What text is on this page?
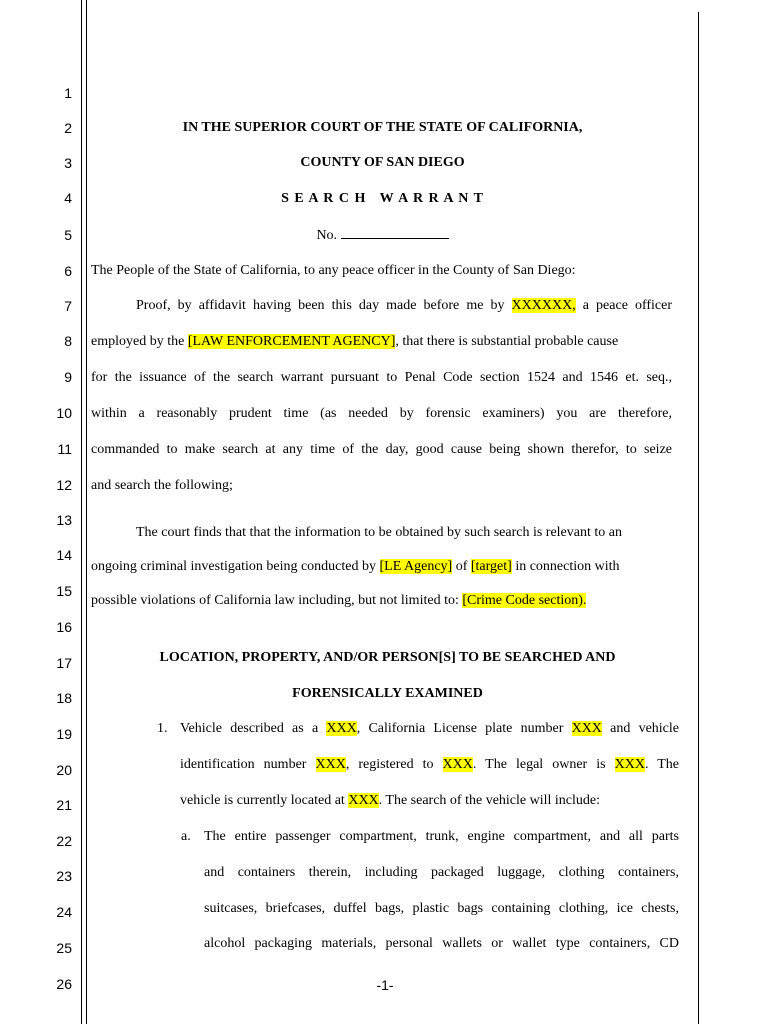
1
2
3
4
5
6
7
8
9
10
11
12
13
14
15
16
17
18
19
20
21
22
23
24
25
26
IN THE SUPERIOR COURT OF THE STATE OF CALIFORNIA,
COUNTY OF SAN DIEGO
S E A R C H   W A R R A N T
No.
The People of the State of California, to any peace officer in the County of San Diego:
Proof, by affidavit having been this day made before me by XXXXXX, a peace officer
employed by the [LAW ENFORCEMENT AGENCY], that there is substantial probable cause
for the issuance of the search warrant pursuant to Penal Code section 1524 and 1546 et. seq.,
within a reasonably prudent time (as needed by forensic examiners) you are therefore,
commanded to make search at any time of the day, good cause being shown therefor, to seize
and search the following;
The court finds that that the information to be obtained by such search is relevant to an
ongoing criminal investigation being conducted by [LE Agency] of [target] in connection with
possible violations of California law including, but not limited to: [Crime Code section).
LOCATION, PROPERTY, AND/OR PERSON[S] TO BE SEARCHED AND
FORENSICALLY EXAMINED
1. Vehicle described as a XXX, California License plate number XXX and vehicle
identification number XXX, registered to XXX. The legal owner is XXX. The
vehicle is currently located at XXX. The search of the vehicle will include:
a. The entire passenger compartment, trunk, engine compartment, and all parts
and containers therein, including packaged luggage, clothing containers,
suitcases, briefcases, duffel bags, plastic bags containing clothing, ice chests,
alcohol packaging materials, personal wallets or wallet type containers, CD
-1-
